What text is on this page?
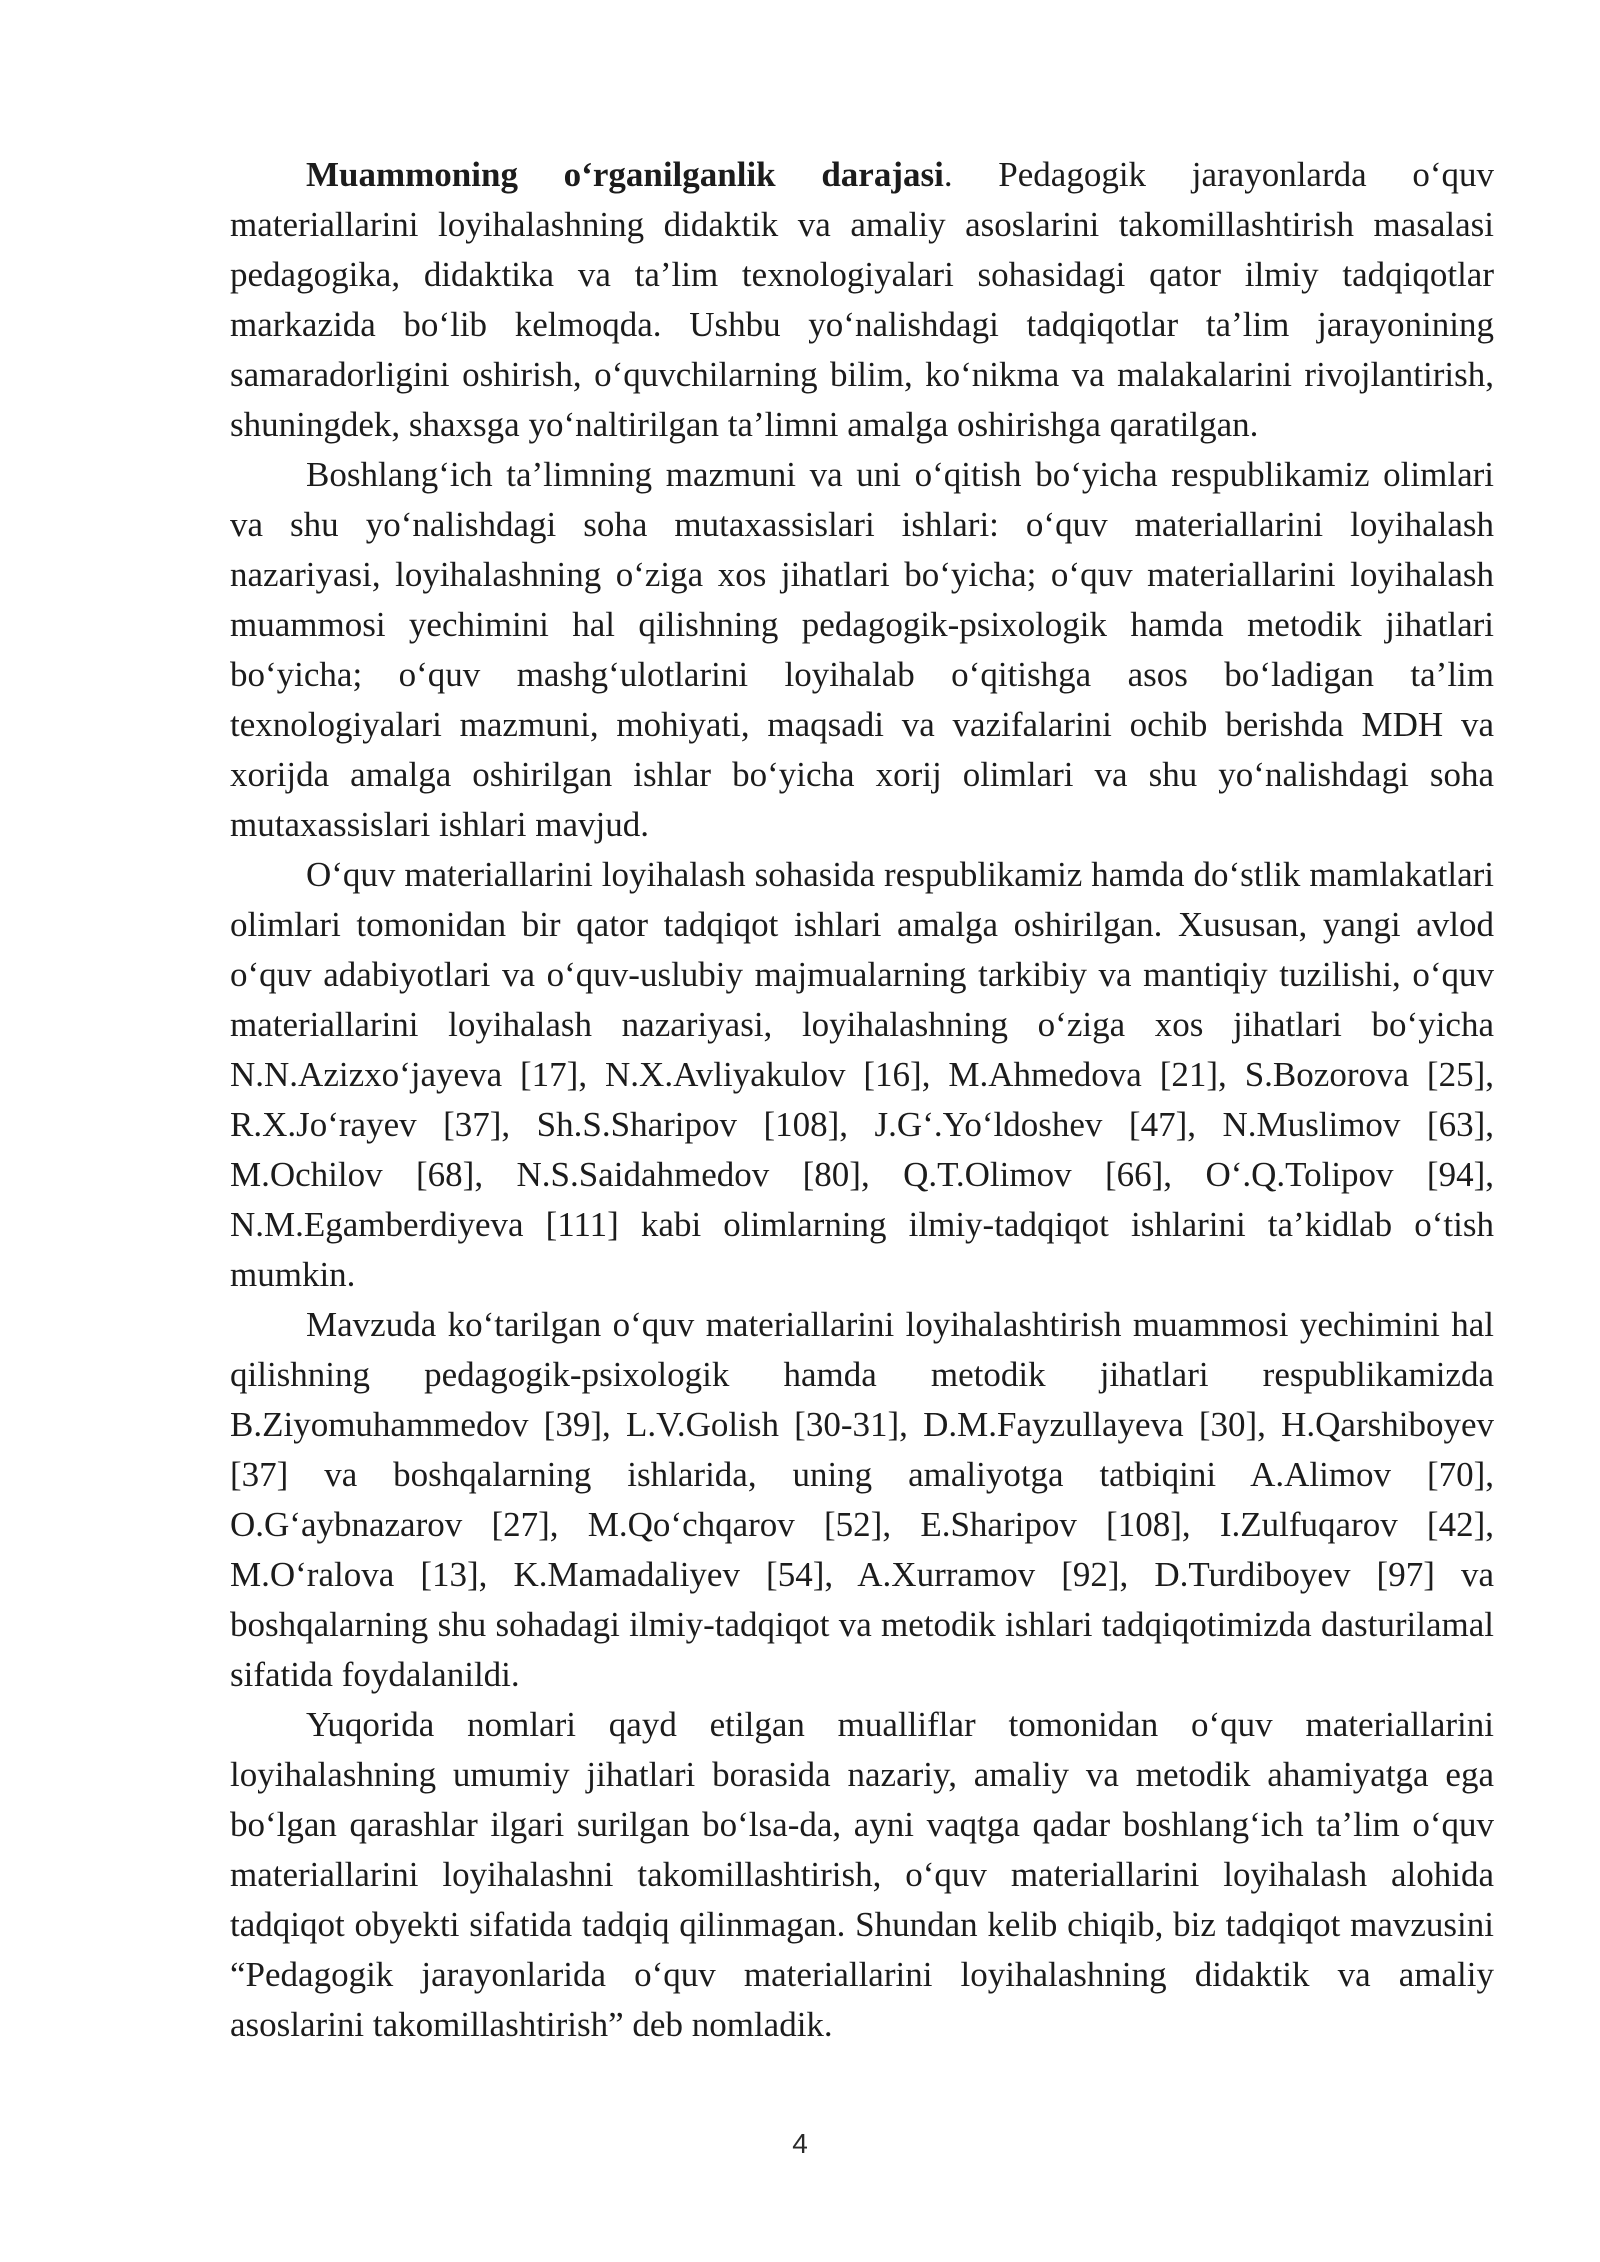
Muammoning o‘rganilganlik darajasi. Pedagogik jarayonlarda o‘quv materiallarini loyihalashning didaktik va amaliy asoslarini takomillashtirish masalasi pedagogika, didaktika va ta’lim texnologiyalari sohasidagi qator ilmiy tadqiqotlar markazida bo‘lib kelmoqda. Ushbu yo‘nalishdagi tadqiqotlar ta’lim jarayonining samaradorligini oshirish, o‘quvchilarning bilim, ko‘nikma va malakalarini rivojlantirish, shuningdek, shaxsga yo‘naltirilgan ta’limni amalga oshirishga qaratilgan.

Boshlang‘ich ta’limning mazmuni va uni o‘qitish bo‘yicha respublikamiz olimlari va shu yo‘nalishdagi soha mutaxassislari ishlari: o‘quv materiallarini loyihalash nazariyasi, loyihalashning o‘ziga xos jihatlari bo‘yicha; o‘quv materiallarini loyihalash muammosi yechimini hal qilishning pedagogik-psixologik hamda metodik jihatlari bo‘yicha; o‘quv mashg‘ulotlarini loyihalab o‘qitishga asos bo‘ladigan ta’lim texnologiyalari mazmuni, mohiyati, maqsadi va vazifalarini ochib berishda MDH va xorijda amalga oshirilgan ishlar bo‘yicha xorij olimlari va shu yo‘nalishdagi soha mutaxassislari ishlari mavjud.

O‘quv materiallarini loyihalash sohasida respublikamiz hamda do‘stlik mamlakatlari olimlari tomonidan bir qator tadqiqot ishlari amalga oshirilgan. Xususan, yangi avlod o‘quv adabiyotlari va o‘quv-uslubiy majmualarning tarkibiy va mantiqiy tuzilishi, o‘quv materiallarini loyihalash nazariyasi, loyihalashning o‘ziga xos jihatlari bo‘yicha N.N.Azizxo‘jayeva [17], N.X.Avliyakulov [16], M.Ahmedova [21], S.Bozorova [25], R.X.Jo‘rayev [37], Sh.S.Sharipov [108], J.G‘.Yo‘ldoshev [47], N.Muslimov [63], M.Ochilov [68], N.S.Saidahmedov [80], Q.T.Olimov [66], O‘.Q.Tolipov [94], N.M.Egamberdiyeva [111] kabi olimlarning ilmiy-tadqiqot ishlarini ta’kidlab o‘tish mumkin.

Mavzuda ko‘tarilgan o‘quv materiallarini loyihalashtirish muammosi yechimini hal qilishning pedagogik-psixologik hamda metodik jihatlari respublikamizda B.Ziyomuhammedov [39], L.V.Golish [30-31], D.M.Fayzullayeva [30], H.Qarshiboyev [37] va boshqalarning ishlarida, uning amaliyotga tatbiqini A.Alimov [70], O.G‘aybnazarov [27], M.Qo‘chqarov [52], E.Sharipov [108], I.Zulfuqarov [42], M.O‘ralova [13], K.Mamadaliyev [54], A.Xurramov [92], D.Turdiboyev [97] va boshqalarning shu sohadagi ilmiy-tadqiqot va metodik ishlari tadqiqotimizda dasturilamal sifatida foydalanildi.

Yuqorida nomlari qayd etilgan mualliflar tomonidan o‘quv materiallarini loyihalashning umumiy jihatlari borasida nazariy, amaliy va metodik ahamiyatga ega bo‘lgan qarashlar ilgari surilgan bo‘lsa-da, ayni vaqtga qadar boshlang‘ich ta’lim o‘quv materiallarini loyihalashni takomillashtirish, o‘quv materiallarini loyihalash alohida tadqiqot obyekti sifatida tadqiq qilinmagan. Shundan kelib chiqib, biz tadqiqot mavzusini “Pedagogik jarayonlarida o‘quv materiallarini loyihalashning didaktik va amaliy asoslarini takomillashtirish” deb nomladik.

4
